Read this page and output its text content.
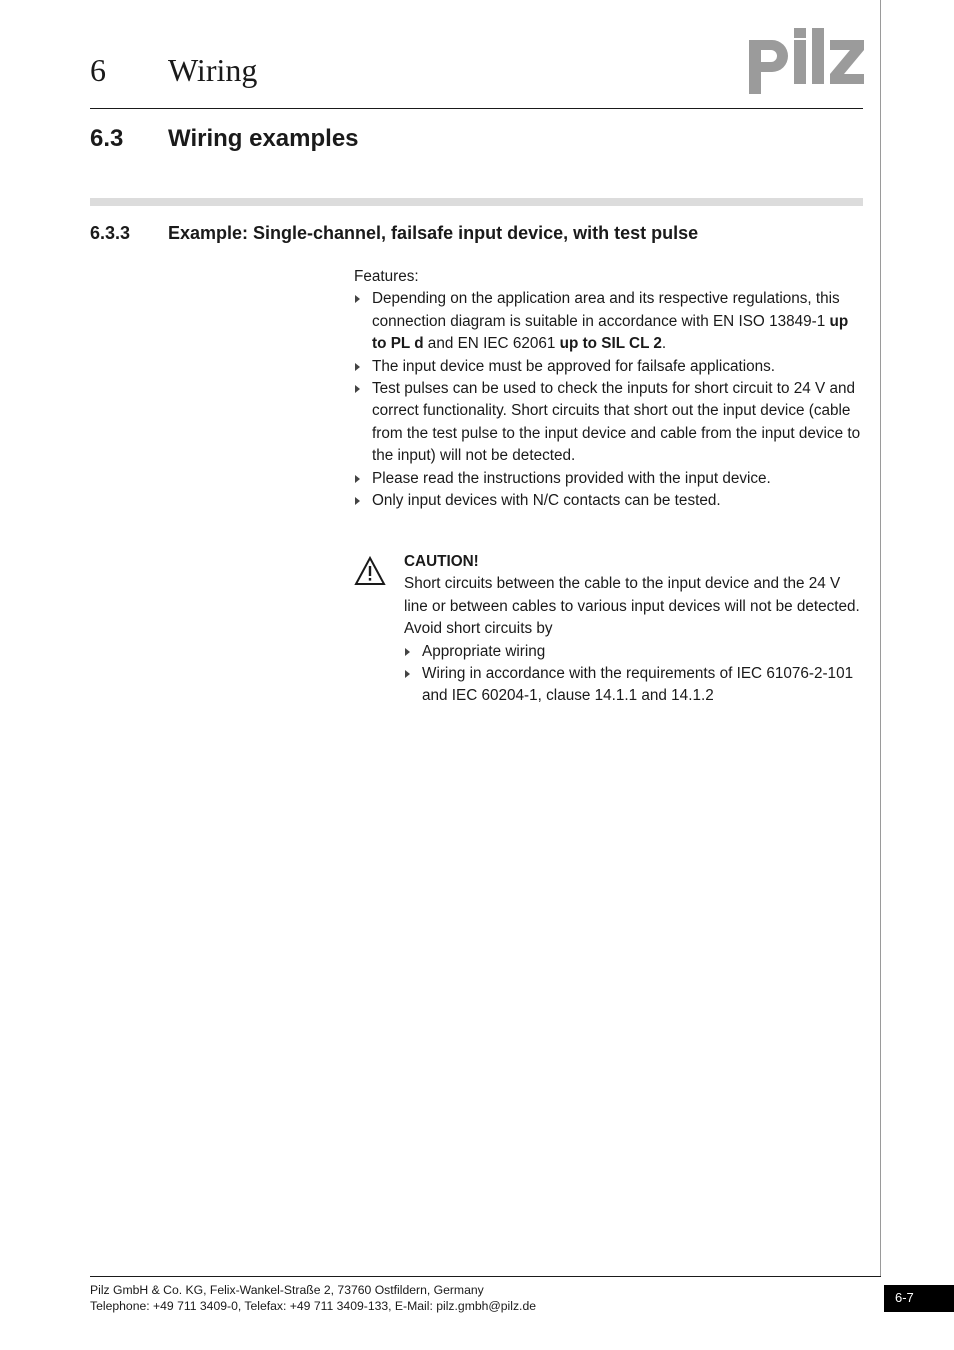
6 Wiring
6.3 Wiring examples
6.3.3 Example: Single-channel, failsafe input device, with test pulse

Features:

Depending on the application area and its respective regulations, this connection diagram is suitable in accordance with EN ISO 13849-1 up to PL d and EN IEC 62061 up to SIL CL 2.
The input device must be approved for failsafe applications.
Test pulses can be used to check the inputs for short circuit to 24 V and correct functionality. Short circuits that short out the input device (cable from the test pulse to the input device and cable from the input device to the input) will not be detected.
Please read the instructions provided with the input device.
Only input devices with N/C contacts can be tested.
CAUTION!
Short circuits between the cable to the input device and the 24 V line or between cables to various input devices will not be detected.
Avoid short circuits by
Appropriate wiring
Wiring in accordance with the requirements of IEC 61076-2-101 and IEC 60204-1, clause 14.1.1 and 14.1.2
Pilz GmbH & Co. KG, Felix-Wankel-Straße 2, 73760 Ostfildern, Germany
Telephone: +49 711 3409-0, Telefax: +49 711 3409-133, E-Mail: pilz.gmbh@pilz.de
6-7
